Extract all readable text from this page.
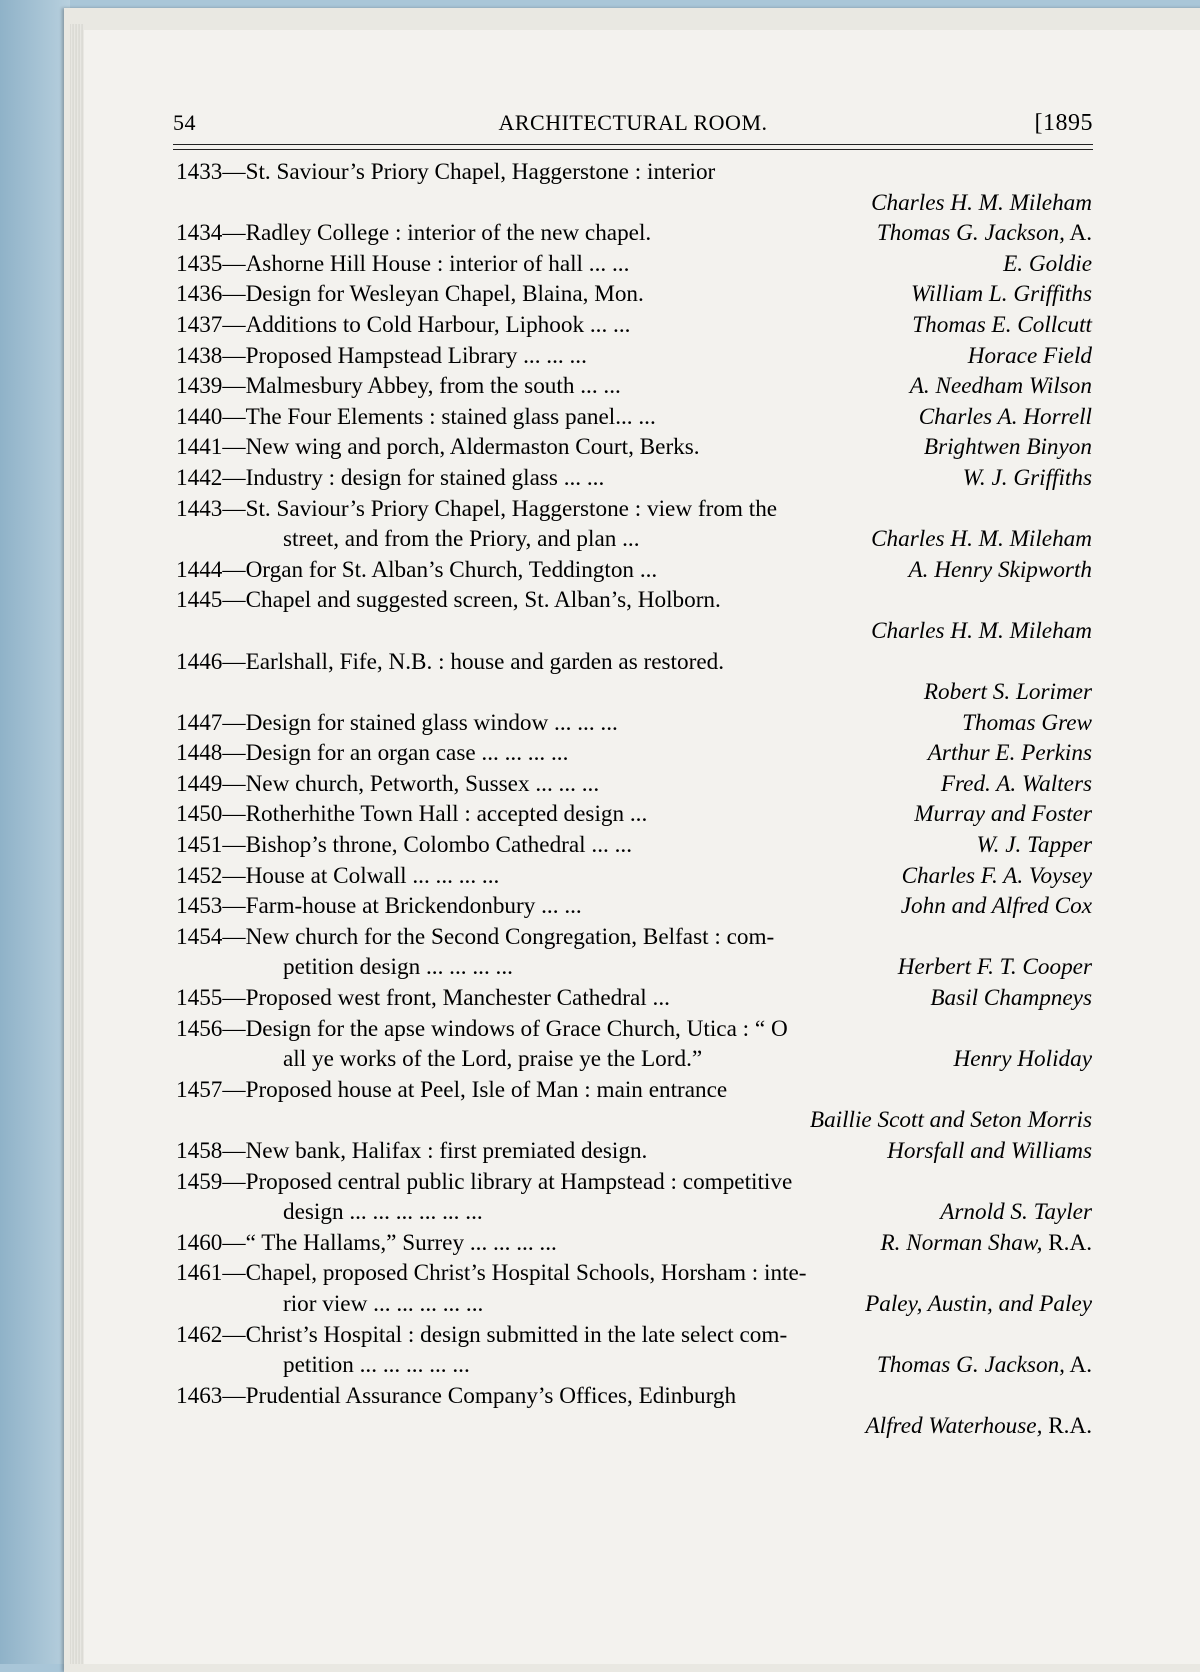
54	ARCHITECTURAL ROOM.	[1895
1433—St. Saviour’s Priory Chapel, Haggerstone : interior
Charles H. M. Mileham
1434—Radley College : interior of the new chapel.	Thomas G. Jackson, A.
1435—Ashorne Hill House : interior of hall ... ...	E. Goldie
1436—Design for Wesleyan Chapel, Blaina, Mon.	William L. Griffiths
1437—Additions to Cold Harbour, Liphook ... ...	Thomas E. Collcutt
1438—Proposed Hampstead Library ... ... ...	Horace Field
1439—Malmesbury Abbey, from the south ... ...	A. Needham Wilson
1440—The Four Elements : stained glass panel... ...	Charles A. Horrell
1441—New wing and porch, Aldermaston Court, Berks.	Brightwen Binyon
1442—Industry : design for stained glass ... ...	W. J. Griffiths
1443—St. Saviour’s Priory Chapel, Haggerstone : view from the
street, and from the Priory, and plan ...	Charles H. M. Mileham
1444—Organ for St. Alban’s Church, Teddington ...	A. Henry Skipworth
1445—Chapel and suggested screen, St. Alban’s, Holborn.
Charles H. M. Mileham
1446—Earlshall, Fife, N.B. : house and garden as restored.
Robert S. Lorimer
1447—Design for stained glass window ... ... ...	Thomas Grew
1448—Design for an organ case ... ... ... ...	Arthur E. Perkins
1449—New church, Petworth, Sussex ... ... ...	Fred. A. Walters
1450—Rotherhithe Town Hall : accepted design ...	Murray and Foster
1451—Bishop’s throne, Colombo Cathedral ... ...	W. J. Tapper
1452—House at Colwall ... ... ... ...	Charles F. A. Voysey
1453—Farm-house at Brickendonbury ... ...	John and Alfred Cox
1454—New church for the Second Congregation, Belfast : com-
petition design ... ... ... ...	Herbert F. T. Cooper
1455—Proposed west front, Manchester Cathedral ...	Basil Champneys
1456—Design for the apse windows of Grace Church, Utica : “ O
all ye works of the Lord, praise ye the Lord.”	Henry Holiday
1457—Proposed house at Peel, Isle of Man : main entrance
Baillie Scott and Seton Morris
1458—New bank, Halifax : first premiated design.	Horsfall and Williams
1459—Proposed central public library at Hampstead : competitive
design ... ... ... ... ... ...	Arnold S. Tayler
1460—“ The Hallams,” Surrey ... ... ... ...	R. Norman Shaw, R.A.
1461—Chapel, proposed Christ’s Hospital Schools, Horsham : inte-
rior view ... ... ... ... ...	Paley, Austin, and Paley
1462—Christ’s Hospital : design submitted in the late select com-
petition ... ... ... ... ...	Thomas G. Jackson, A.
1463—Prudential Assurance Company’s Offices, Edinburgh
Alfred Waterhouse, R.A.
